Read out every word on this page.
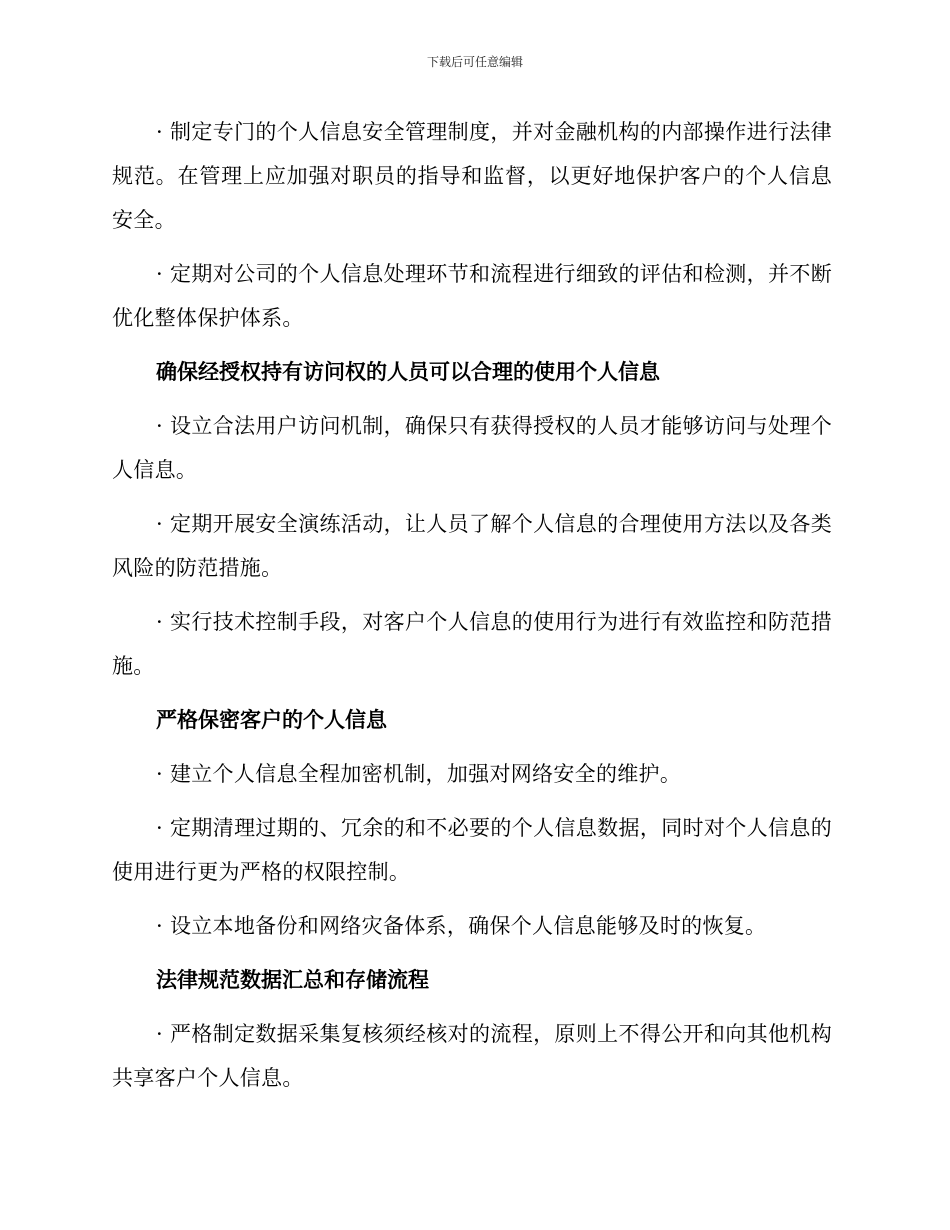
下载后可任意编辑

· 制定专门的个人信息安全管理制度，并对金融机构的内部操作进行法律规范。在管理上应加强对职员的指导和监督，以更好地保护客户的个人信息安全。

· 定期对公司的个人信息处理环节和流程进行细致的评估和检测，并不断优化整体保护体系。

确保经授权持有访问权的人员可以合理的使用个人信息

· 设立合法用户访问机制，确保只有获得授权的人员才能够访问与处理个人信息。

· 定期开展安全演练活动，让人员了解个人信息的合理使用方法以及各类风险的防范措施。

· 实行技术控制手段，对客户个人信息的使用行为进行有效监控和防范措施。

严格保密客户的个人信息

· 建立个人信息全程加密机制，加强对网络安全的维护。

· 定期清理过期的、冗余的和不必要的个人信息数据，同时对个人信息的使用进行更为严格的权限控制。

· 设立本地备份和网络灾备体系，确保个人信息能够及时的恢复。

法律规范数据汇总和存储流程

· 严格制定数据采集复核须经核对的流程，原则上不得公开和向其他机构共享客户个人信息。
